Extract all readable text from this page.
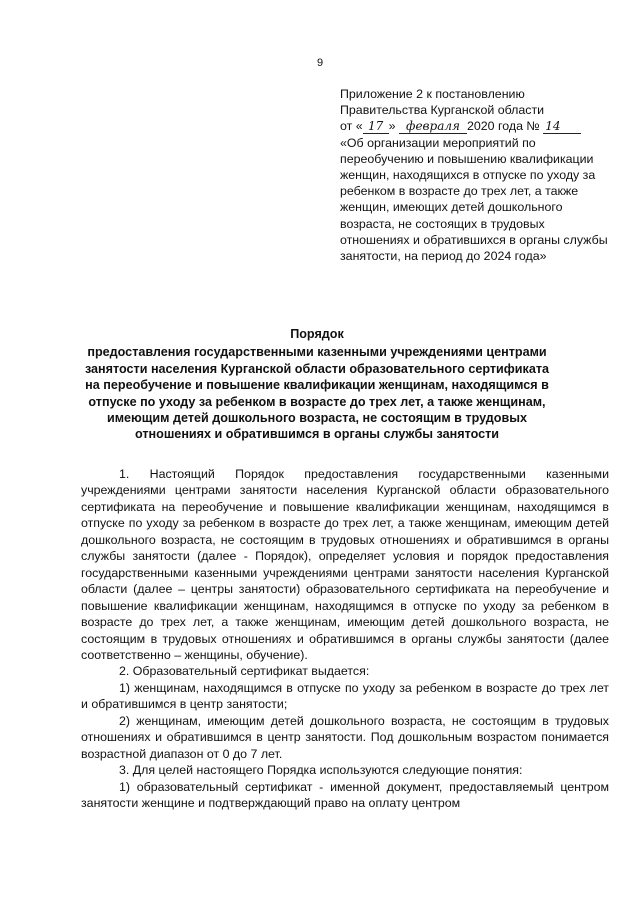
9
Приложение 2 к постановлению
Правительства Курганской области
от « 17 » февраля 2020 года № 14
«Об организации мероприятий по переобучению и повышению квалификации женщин, находящихся в отпуске по уходу за ребенком в возрасте до трех лет, а также женщин, имеющих детей дошкольного возраста, не состоящих в трудовых отношениях и обратившихся в органы службы занятости, на период до 2024 года»
Порядок
предоставления государственными казенными учреждениями центрами занятости населения Курганской области образовательного сертификата на переобучение и повышение квалификации женщинам, находящимся в отпуске по уходу за ребенком в возрасте до трех лет, а также женщинам, имеющим детей дошкольного возраста, не состоящим в трудовых отношениях и обратившимся в органы службы занятости

1. Настоящий Порядок предоставления государственными казенными учреждениями центрами занятости населения Курганской области образовательного сертификата на переобучение и повышение квалификации женщинам, находящимся в отпуске по уходу за ребенком в возрасте до трех лет, а также женщинам, имеющим детей дошкольного возраста, не состоящим в трудовых отношениях и обратившимся в органы службы занятости (далее - Порядок), определяет условия и порядок предоставления государственными казенными учреждениями центрами занятости населения Курганской области (далее – центры занятости) образовательного сертификата на переобучение и повышение квалификации женщинам, находящимся в отпуске по уходу за ребенком в возрасте до трех лет, а также женщинам, имеющим детей дошкольного возраста, не состоящим в трудовых отношениях и обратившимся в органы службы занятости (далее соответственно – женщины, обучение).

2. Образовательный сертификат выдается:

1) женщинам, находящимся в отпуске по уходу за ребенком в возрасте до трех лет и обратившимся в центр занятости;

2) женщинам, имеющим детей дошкольного возраста, не состоящим в трудовых отношениях и обратившимся в центр занятости. Под дошкольным возрастом понимается возрастной диапазон от 0 до 7 лет.

3. Для целей настоящего Порядка используются следующие понятия:

1) образовательный сертификат - именной документ, предоставляемый центром занятости женщине и подтверждающий право на оплату центром
